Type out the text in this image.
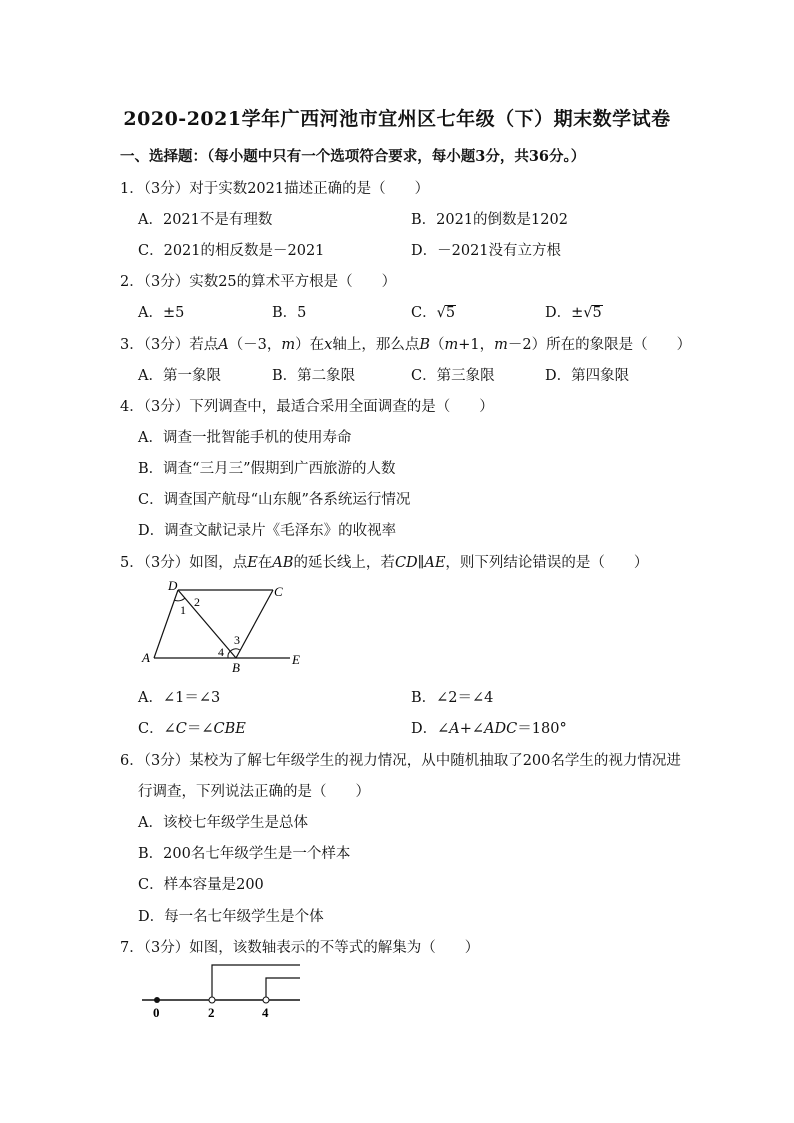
2020-2021学年广西河池市宜州区七年级（下）期末数学试卷
一、选择题：（每小题中只有一个选项符合要求，每小题3分，共36分。）
1．（3分）对于实数2021描述正确的是（　　）
A．2021不是有理数	B．2021的倒数是1202
C．2021的相反数是－2021	D．－2021没有立方根
2．（3分）实数25的算术平方根是（　　）
A．±5	B．5	C．√5	D．±√5
3．（3分）若点A（－3，m）在x轴上，那么点B（m+1，m－2）所在的象限是（　　）
A．第一象限	B．第二象限	C．第三象限	D．第四象限
4．（3分）下列调查中，最适合采用全面调查的是（　　）
A．调查一批智能手机的使用寿命
B．调查“三月三”假期到广西旅游的人数
C．调查国产航母“山东舰”各系统运行情况
D．调查文献记录片《毛泽东》的收视率
5．（3分）如图，点E在AB的延长线上，若CD∥AE，则下列结论错误的是（　　）
D	C
A
B
E
1
2
3
4
A．∠1＝∠3	B．∠2＝∠4
C．∠C＝∠CBE	D．∠A+∠ADC＝180°
6．（3分）某校为了解七年级学生的视力情况，从中随机抽取了200名学生的视力情况进
行调查，下列说法正确的是（　　）
A．该校七年级学生是总体
B．200名七年级学生是一个样本
C．样本容量是200
D．每一名七年级学生是个体
7．（3分）如图，该数轴表示的不等式的解集为（　　）
0	2	4
